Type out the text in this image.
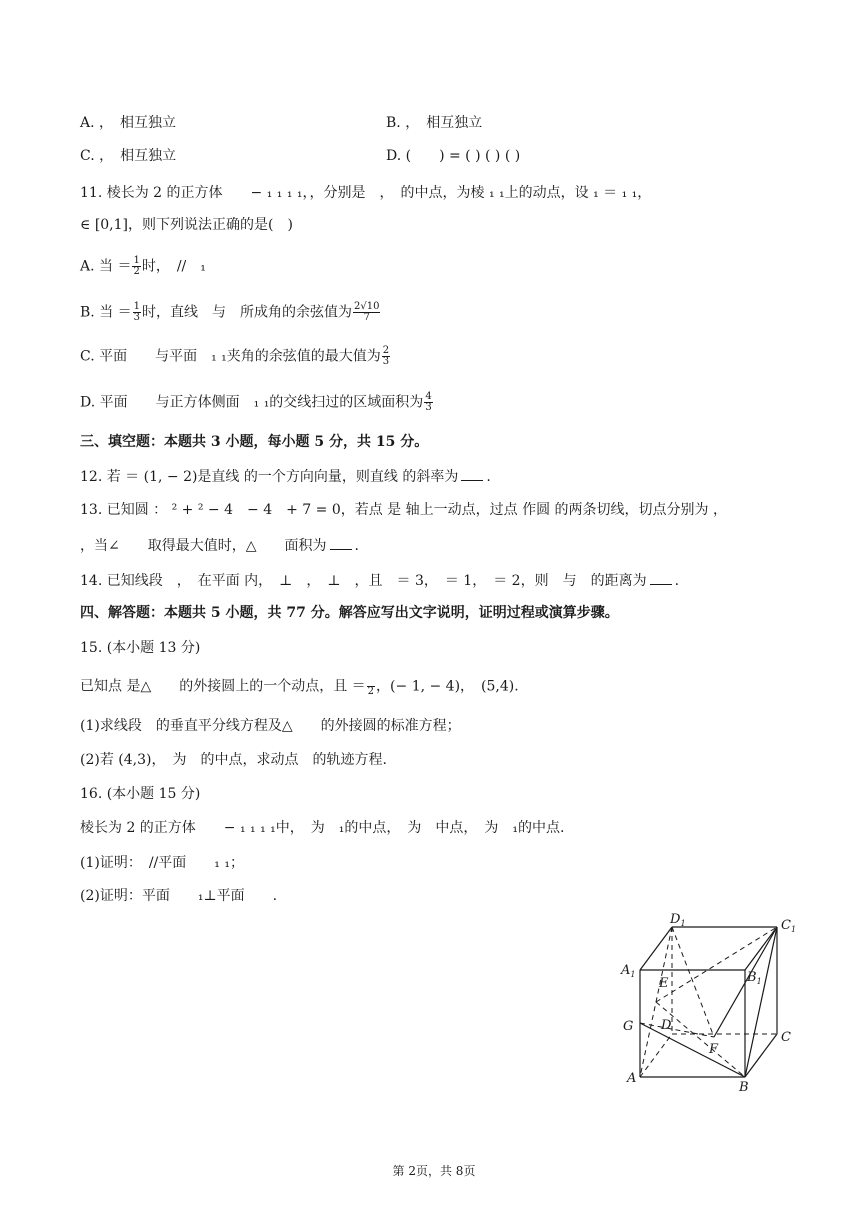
A. ，　相互独立	B. ，　相互独立
C. ，　相互独立	D. (　　) = ( ) ( ) ( )
11. 棱长为 2 的正方体　　− ₁ ₁ ₁ ₁，，分别是　，　的中点，为棱 ₁ ₁上的动点，设 ₁ ＝ ₁ ₁，
∈ [0,1]，则下列说法正确的是(　)
A. 当 ＝ $\frac{1}{2}$ 时，　//　₁
B. 当 ＝ $\frac{1}{3}$ 时，直线　与　所成角的余弦值为 $\frac{2√10}{7}$
C. 平面　　与平面　₁ ₁夹角的余弦值的最大值为 $\frac{2}{3}$
D. 平面　　与正方体侧面　₁ ₁的交线扫过的区域面积为 $\frac{4}{3}$
三、填空题：本题共 3 小题，每小题 5 分，共 15 分。
12. 若 ＝ (1, − 2)是直线 的一个方向向量，则直线 的斜率为 .
13. 已知圆 ： ² + ² − 4　− 4　+ 7 = 0，若点 是 轴上一动点，过点 作圆 的两条切线，切点分别为 ，
，当∠　　取得最大值时，△　　面积为 .
14. 已知线段　，　在平面 内，　⊥　，　⊥　，且　＝ 3，　＝ 1，　＝ 2，则　与　的距离为 .
四、解答题：本题共 5 小题，共 77 分。解答应写出文字说明，证明过程或演算步骤。
15. (本小题 13 分)
已知点 是△　　的外接圆上的一个动点，且 ＝
2 ，(− 1, − 4)，　(5,4).
(1)求线段　的垂直平分线方程及△　　的外接圆的标准方程；
(2)若 (4,3)，　为　的中点，求动点　的轨迹方程.
16. (本小题 15 分)
棱长为 2 的正方体　　− ₁ ₁ ₁ ₁中，　为　₁的中点，　为　中点，　为　₁的中点.
(1)证明：　//平面　　₁ ₁；
(2)证明：平面　　₁⊥平面　　.
$D_1$	$C_1$
$A_1$	$B_1$
E
G D
C
F
A
B
第 2页，共 8页
